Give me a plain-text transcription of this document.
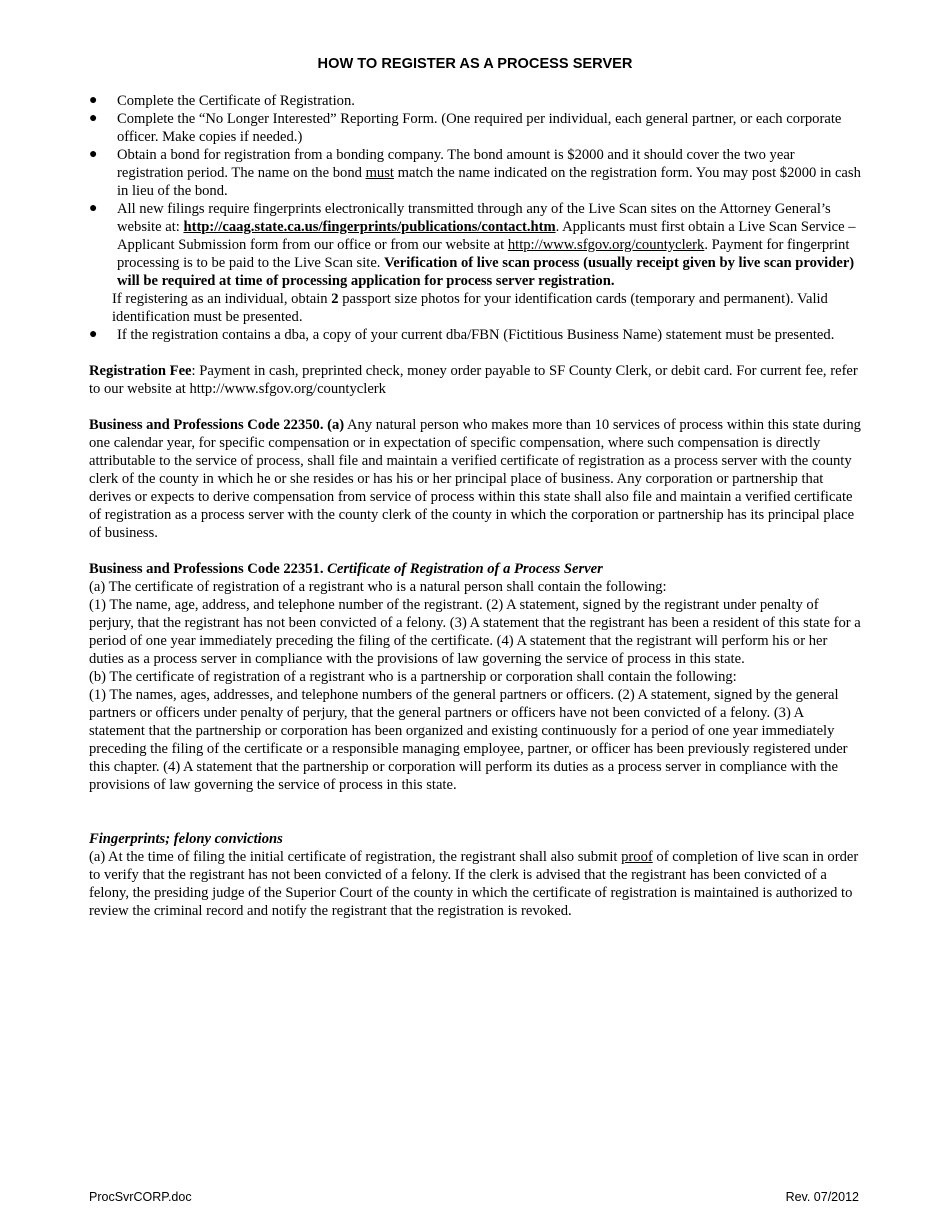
HOW TO REGISTER AS A PROCESS SERVER
● Complete the Certificate of Registration.
● Complete the “No Longer Interested” Reporting Form. (One required per individual, each general partner, or each corporate officer. Make copies if needed.)
● Obtain a bond for registration from a bonding company. The bond amount is $2000 and it should cover the two year registration period. The name on the bond must match the name indicated on the registration form. You may post $2000 in cash in lieu of the bond.
● All new filings require fingerprints electronically transmitted through any of the Live Scan sites on the Attorney General’s website at: http://caag.state.ca.us/fingerprints/publications/contact.htm. Applicants must first obtain a Live Scan Service – Applicant Submission form from our office or from our website at http://www.sfgov.org/countyclerk. Payment for fingerprint processing is to be paid to the Live Scan site. Verification of live scan process (usually receipt given by live scan provider) will be required at time of processing application for process server registration.

If registering as an individual, obtain 2 passport size photos for your identification cards (temporary and permanent). Valid identification must be presented.

● If the registration contains a dba, a copy of your current dba/FBN (Fictitious Business Name) statement must be presented.

Registration Fee: Payment in cash, preprinted check, money order payable to SF County Clerk, or debit card. For current fee, refer to our website at http://www.sfgov.org/countyclerk

Business and Professions Code 22350. (a) Any natural person who makes more than 10 services of process within this state during one calendar year, for specific compensation or in expectation of specific compensation, where such compensation is directly attributable to the service of process, shall file and maintain a verified certificate of registration as a process server with the county clerk of the county in which he or she resides or has his or her principal place of business. Any corporation or partnership that derives or expects to derive compensation from service of process within this state shall also file and maintain a verified certificate of registration as a process server with the county clerk of the county in which the corporation or partnership has its principal place of business.

Business and Professions Code 22351. Certificate of Registration of a Process Server

(a) The certificate of registration of a registrant who is a natural person shall contain the following:

(1) The name, age, address, and telephone number of the registrant. (2) A statement, signed by the registrant under penalty of perjury, that the registrant has not been convicted of a felony. (3) A statement that the registrant has been a resident of this state for a period of one year immediately preceding the filing of the certificate. (4) A statement that the registrant will perform his or her duties as a process server in compliance with the provisions of law governing the service of process in this state.

(b) The certificate of registration of a registrant who is a partnership or corporation shall contain the following:

(1) The names, ages, addresses, and telephone numbers of the general partners or officers. (2) A statement, signed by the general partners or officers under penalty of perjury, that the general partners or officers have not been convicted of a felony. (3) A statement that the partnership or corporation has been organized and existing continuously for a period of one year immediately preceding the filing of the certificate or a responsible managing employee, partner, or officer has been previously registered under this chapter. (4) A statement that the partnership or corporation will perform its duties as a process server in compliance with the provisions of law governing the service of process in this state.

Fingerprints; felony convictions

(a) At the time of filing the initial certificate of registration, the registrant shall also submit proof of completion of live scan in order to verify that the registrant has not been convicted of a felony. If the clerk is advised that the registrant has been convicted of a felony, the presiding judge of the Superior Court of the county in which the certificate of registration is maintained is authorized to review the criminal record and notify the registrant that the registration is revoked.

ProcSvrCORP.doc	Rev. 07/2012
